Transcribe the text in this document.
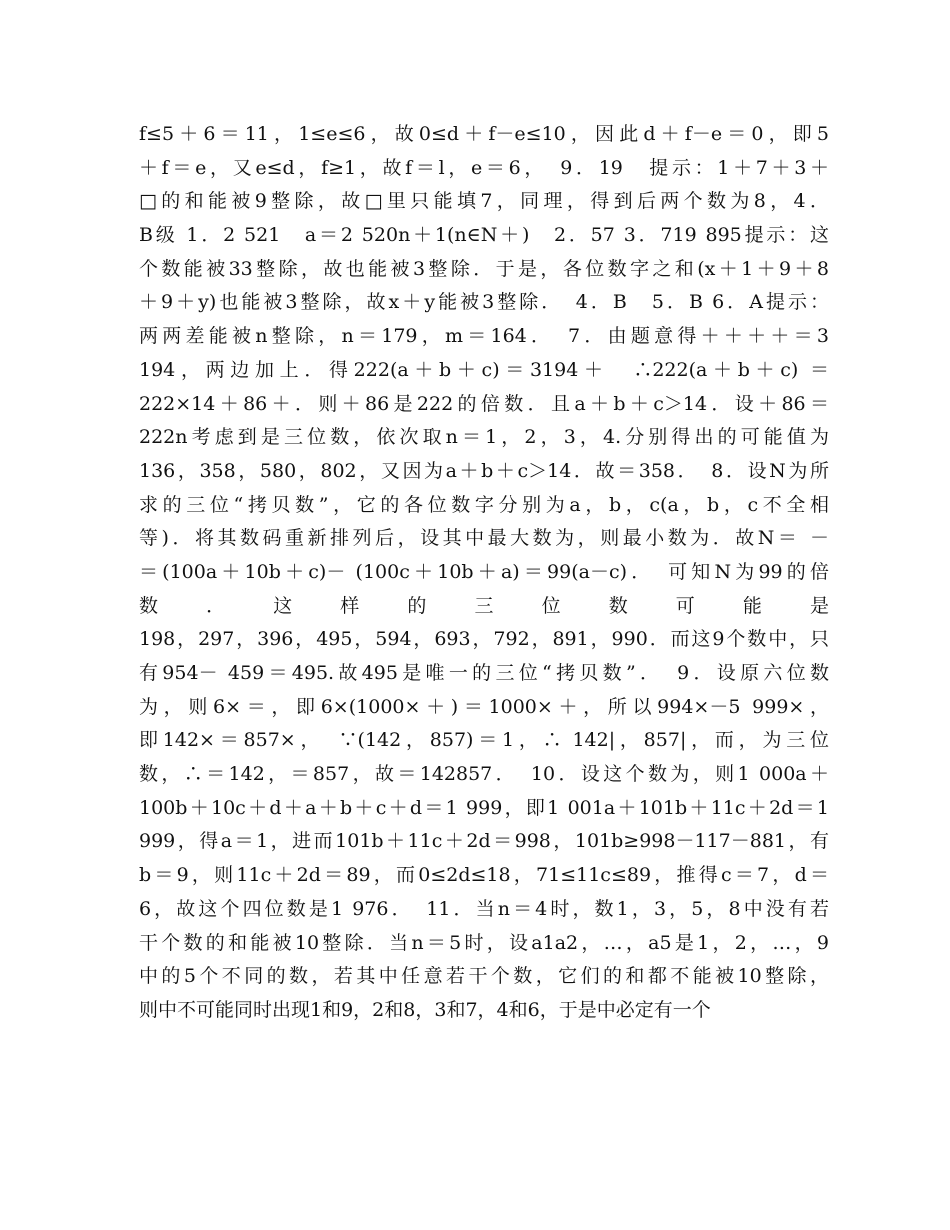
f≤5＋6＝11，1≤e≤6，故0≤d＋f－e≤10，因此d＋f－e＝0，即5
＋f＝e，又e≤d，f≥1，故f＝l，e＝6，　9．19　提示：1＋7＋3＋
□的和能被9整除，故□里只能填7，同理，得到后两个数为8，4．
B级 1．2 521　a＝2 520n＋1(n∈N＋)　2．57 3．719 895提示：这
个数能被33整除，故也能被3整除．于是，各位数字之和(x＋1＋9＋8
＋9＋y)也能被3整除，故x＋y能被3整除．　4．B　5．B 6．A提示：
两两差能被n整除，n＝179，m＝164．　7．由题意得＋＋＋＋＝3
194，两边加上．得222(a＋b＋c)＝3194＋　∴222(a＋b＋c) ＝
222×14＋86＋．则＋86是222的倍数．且a＋b＋c＞14．设＋86＝
222n考虑到是三位数，依次取n＝1，2，3，4.分别得出的可能值为
136，358，580，802，又因为a＋b＋c＞14．故＝358．　8．设N为所
求的三位“拷贝数”，它的各位数字分别为a，b，c(a，b，c不全相
等)．将其数码重新排列后，设其中最大数为，则最小数为．故N＝ －
＝(100a＋10b＋c)－ (100c＋10b＋a)＝99(a－c)．　可知N为99的倍
数 ． 这 样 的 三 位 数 可 能 是
198，297，396，495，594，693，792，891，990．而这9个数中，只
有954－ 459＝495.故495是唯一的三位“拷贝数”．　9．设原六位数
为，则6×＝，即6×(1000×＋)＝1000×＋，所以994×－5 999×，
即142×＝857×，　∵(142，857)＝1，∴ 142|，857|，而，为三位
数，∴＝142，＝857，故＝142857．　10．设这个数为，则1 000a＋
100b＋10c＋d＋a＋b＋c＋d＝1 999，即1 001a＋101b＋11c＋2d＝1
999，得a＝1，进而101b＋11c＋2d＝998，101b≥998－117－881，有
b＝9，则11c＋2d＝89，而0≤2d≤18，71≤11c≤89，推得c＝7，d＝
6，故这个四位数是1 976．　11．当n＝4时，数1，3，5，8中没有若
干个数的和能被10整除．当n＝5时，设a1a2，…，a5是1，2，…，9
中的5个不同的数，若其中任意若干个数，它们的和都不能被10整除，
则中不可能同时出现1和9，2和8，3和7，4和6，于是中必定有一个
